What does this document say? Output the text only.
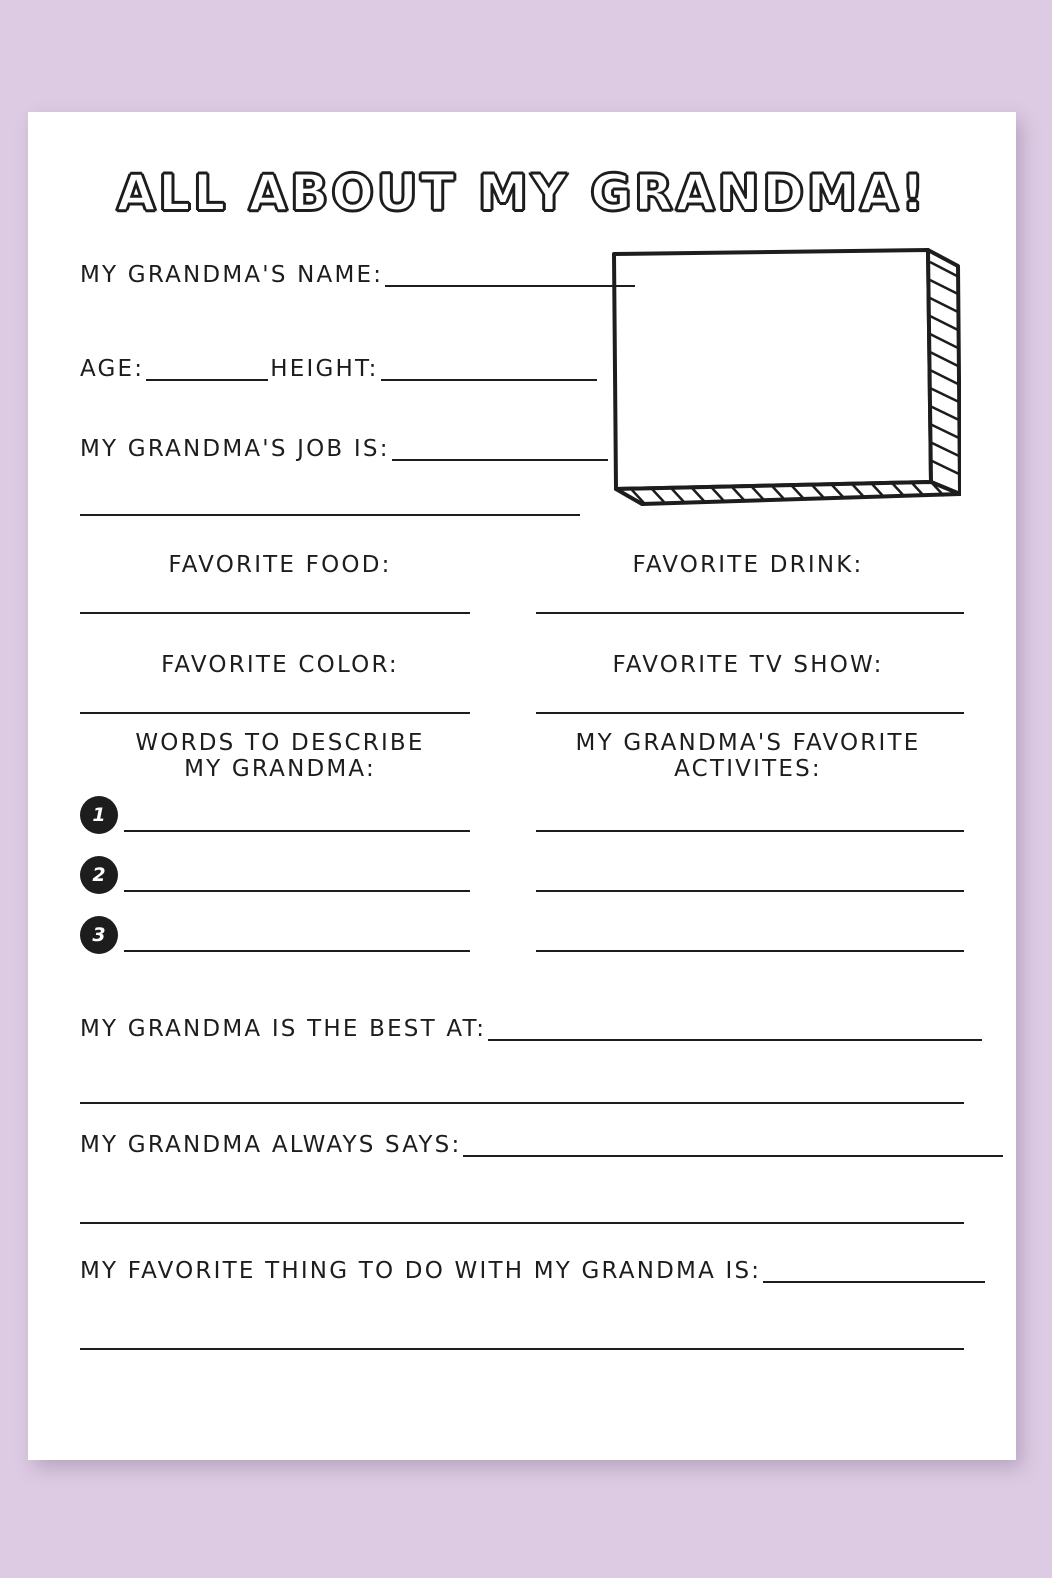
ALL ABOUT MY GRANDMA!
MY GRANDMA'S NAME:
AGE:	HEIGHT:
MY GRANDMA'S JOB IS:
FAVORITE FOOD:	FAVORITE DRINK:
FAVORITE COLOR:	FAVORITE TV SHOW:
WORDS TO DESCRIBE
MY GRANDMA:
MY GRANDMA'S FAVORITE
ACTIVITES:
1
2
3
MY GRANDMA IS THE BEST AT:
MY GRANDMA ALWAYS SAYS:
MY FAVORITE THING TO DO WITH MY GRANDMA IS:
